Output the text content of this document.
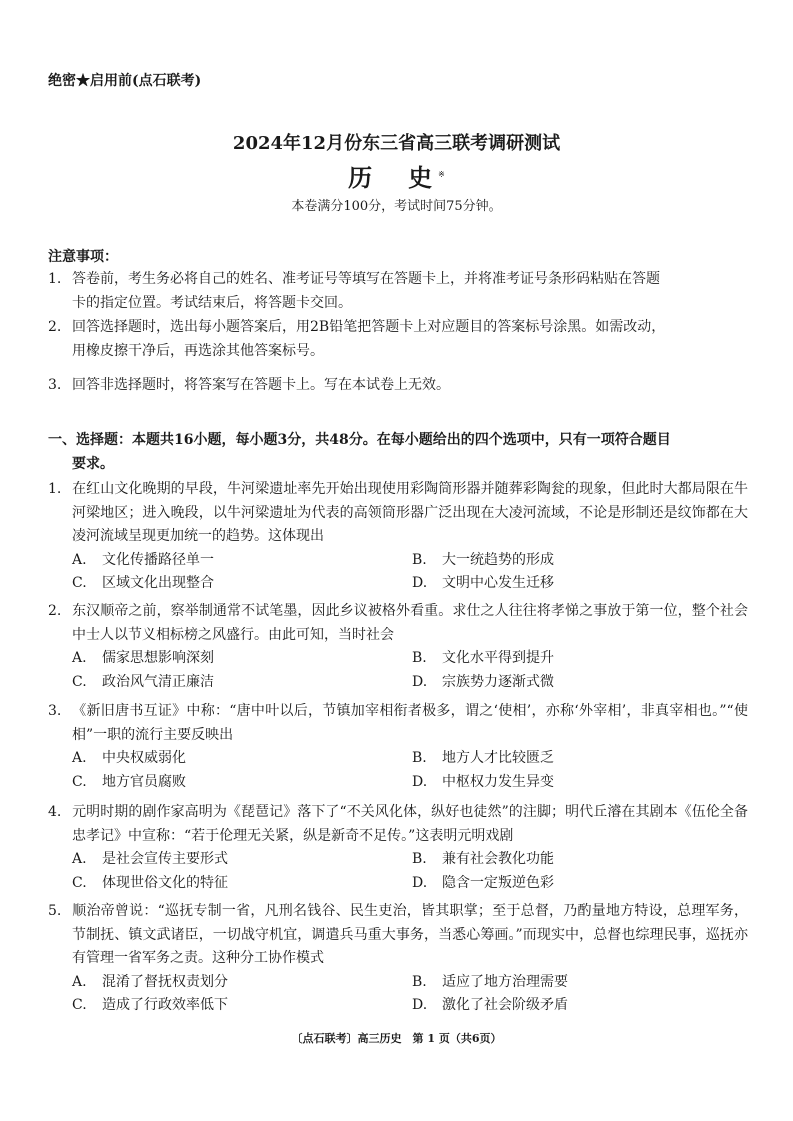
绝密★启用前(点石联考)
2024年12月份东三省高三联考调研测试
历　史※
本卷满分100分，考试时间75分钟。
注意事项：
1. 答卷前，考生务必将自己的姓名、准考证号等填写在答题卡上，并将准考证号条形码粘贴在答题
卡的指定位置。考试结束后，将答题卡交回。
2. 回答选择题时，选出每小题答案后，用2B铅笔把答题卡上对应题目的答案标号涂黑。如需改动，
用橡皮擦干净后，再选涂其他答案标号。
3. 回答非选择题时，将答案写在答题卡上。写在本试卷上无效。
一、选择题：本题共16小题，每小题3分，共48分。在每小题给出的四个选项中，只有一项符合题目
要求。
1. 在红山文化晚期的早段，牛河梁遗址率先开始出现使用彩陶筒形器并随葬彩陶瓮的现象，但此时大都局限在牛河梁地区；进入晚段，以牛河梁遗址为代表的高领筒形器广泛出现在大凌河流域，不论是形制还是纹饰都在大凌河流域呈现更加统一的趋势。这体现出
A. 文化传播路径单一	B. 大一统趋势的形成
C. 区域文化出现整合	D. 文明中心发生迁移
2. 东汉顺帝之前，察举制通常不试笔墨，因此乡议被格外看重。求仕之人往往将孝悌之事放于第一位，整个社会中士人以节义相标榜之风盛行。由此可知，当时社会
A. 儒家思想影响深刻	B. 文化水平得到提升
C. 政治风气清正廉洁	D. 宗族势力逐渐式微
3. 《新旧唐书互证》中称：“唐中叶以后，节镇加宰相衔者极多，谓之‘使相’，亦称‘外宰相’，非真宰相也。”“使相”一职的流行主要反映出
A. 中央权威弱化	B. 地方人才比较匮乏
C. 地方官员腐败	D. 中枢权力发生异变
4. 元明时期的剧作家高明为《琵琶记》落下了“不关风化体，纵好也徒然”的注脚；明代丘濬在其剧本《伍伦全备忠孝记》中宣称：“若于伦理无关紧，纵是新奇不足传。”这表明元明戏剧
A. 是社会宣传主要形式	B. 兼有社会教化功能
C. 体现世俗文化的特征	D. 隐含一定叛逆色彩
5. 顺治帝曾说：“巡抚专制一省，凡刑名钱谷、民生吏治，皆其职掌；至于总督，乃酌量地方特设，总理军务，节制抚、镇文武诸臣，一切战守机宜，调遣兵马重大事务，当悉心筹画。”而现实中，总督也综理民事，巡抚亦有管理一省军务之责。这种分工协作模式
A. 混淆了督抚权责划分	B. 适应了地方治理需要
C. 造成了行政效率低下	D. 激化了社会阶级矛盾
〔点石联考〕高三历史　第 1 页（共6页）
